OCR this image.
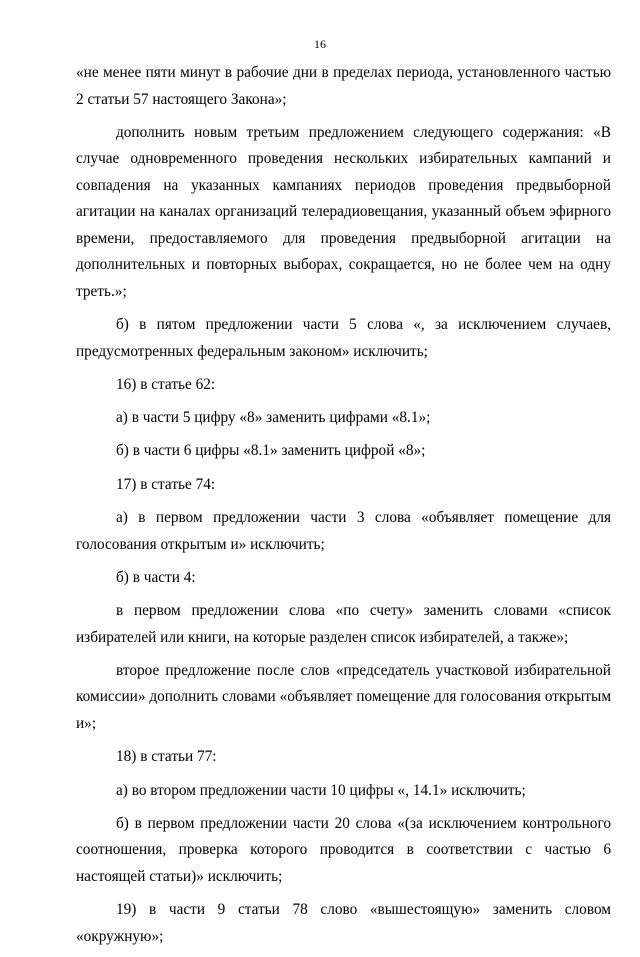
16

«не менее пяти минут в рабочие дни в пределах периода, установленного частью 2 статьи 57 настоящего Закона»;

дополнить новым третьим предложением следующего содержания: «В случае одновременного проведения нескольких избирательных кампаний и совпадения на указанных кампаниях периодов проведения предвыборной агитации на каналах организаций телерадиовещания, указанный объем эфирного времени, предоставляемого для проведения предвыборной агитации на дополнительных и повторных выборах, сокращается, но не более чем на одну треть.»;

б) в пятом предложении части 5 слова «, за исключением случаев, предусмотренных федеральным законом» исключить;

16) в статье 62:

а) в части 5 цифру «8» заменить цифрами «8.1»;

б) в части 6 цифры «8.1» заменить цифрой «8»;

17) в статье 74:

а) в первом предложении части 3 слова «объявляет помещение для голосования открытым и» исключить;

б) в части 4:

в первом предложении слова «по счету» заменить словами «список избирателей или книги, на которые разделен список избирателей, а также»;

второе предложение после слов «председатель участковой избирательной комиссии» дополнить словами «объявляет помещение для голосования открытым и»;

18) в статьи 77:

а) во втором предложении части 10 цифры «, 14.1» исключить;

б) в первом предложении части 20 слова «(за исключением контрольного соотношения, проверка которого проводится в соответствии с частью 6 настоящей статьи)» исключить;

19) в части 9 статьи 78 слово «вышестоящую» заменить словом «окружную»;
